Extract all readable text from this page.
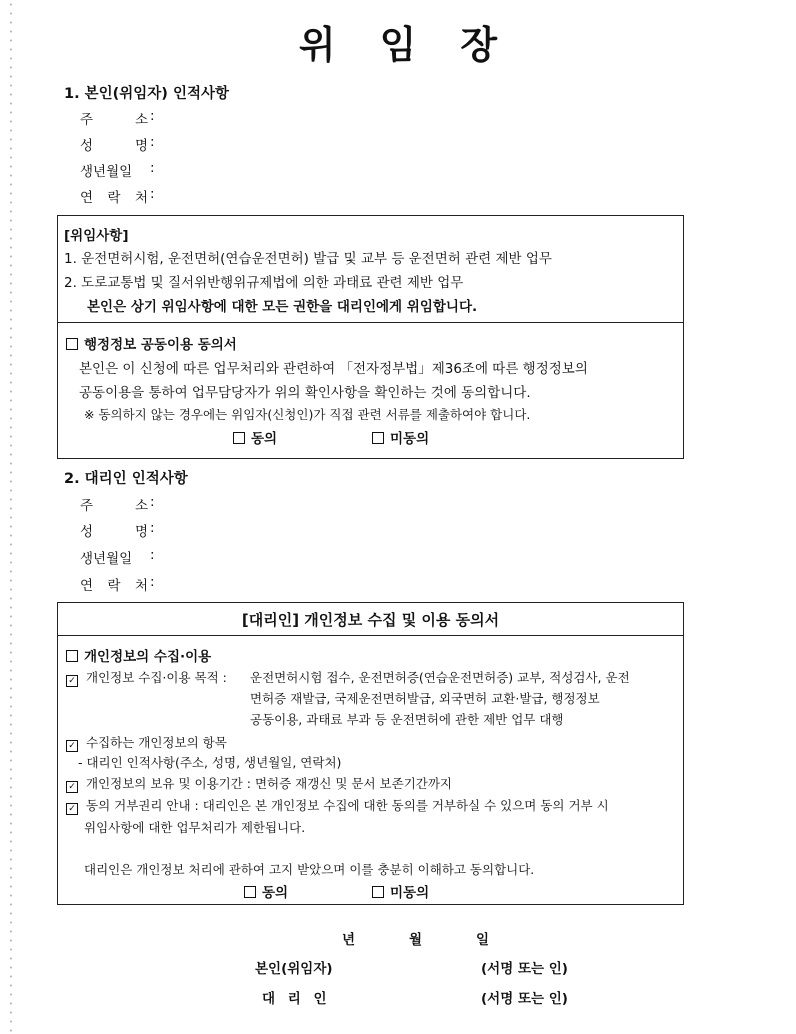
위 임 장
1. 본인(위임자) 인적사항
주 소 :
성 명 :
생년월일	:
연 락 처 :
[위임사항]
1. 운전면허시험, 운전면허(연습운전면허) 발급 및 교부 등 운전면허 관련 제반 업무
2. 도로교통법 및 질서위반행위규제법에 의한 과태료 관련 제반 업무
본인은 상기 위임사항에 대한 모든 권한을 대리인에게 위임합니다.
행정정보 공동이용 동의서
본인은 이 신청에 따른 업무처리와 관련하여 「전자정부법」제36조에 따른 행정정보의
공동이용을 통하여 업무담당자가 위의 확인사항을 확인하는 것에 동의합니다.
※ 동의하지 않는 경우에는 위임자(신청인)가 직접 관련 서류를 제출하여야 합니다.
동의	미동의
2. 대리인 인적사항
주 소 :
성 명 :
생년월일	:
연 락 처 :
[대리인] 개인정보 수집 및 이용 동의서
개인정보의 수집·이용
✓ 개인정보 수집·이용 목적 : 운전면허시험 접수, 운전면허증(연습운전면허증) 교부, 적성검사, 운전
면허증 재발급, 국제운전면허발급, 외국면허 교환·발급, 행정정보
공동이용, 과태료 부과 등 운전면허에 관한 제반 업무 대행
✓ 수집하는 개인정보의 항목
- 대리인 인적사항(주소, 성명, 생년월일, 연락처)
✓ 개인정보의 보유 및 이용기간 : 면허증 재갱신 및 문서 보존기간까지
✓ 동의 거부권리 안내 : 대리인은 본 개인정보 수집에 대한 동의를 거부하실 수 있으며 동의 거부 시
위임사항에 대한 업무처리가 제한됩니다.
대리인은 개인정보 처리에 관하여 고지 받았으며 이를 충분히 이해하고 동의합니다.
동의	미동의
년	월	일
본인(위임자)	(서명 또는 인)
대 리 인	(서명 또는 인)
